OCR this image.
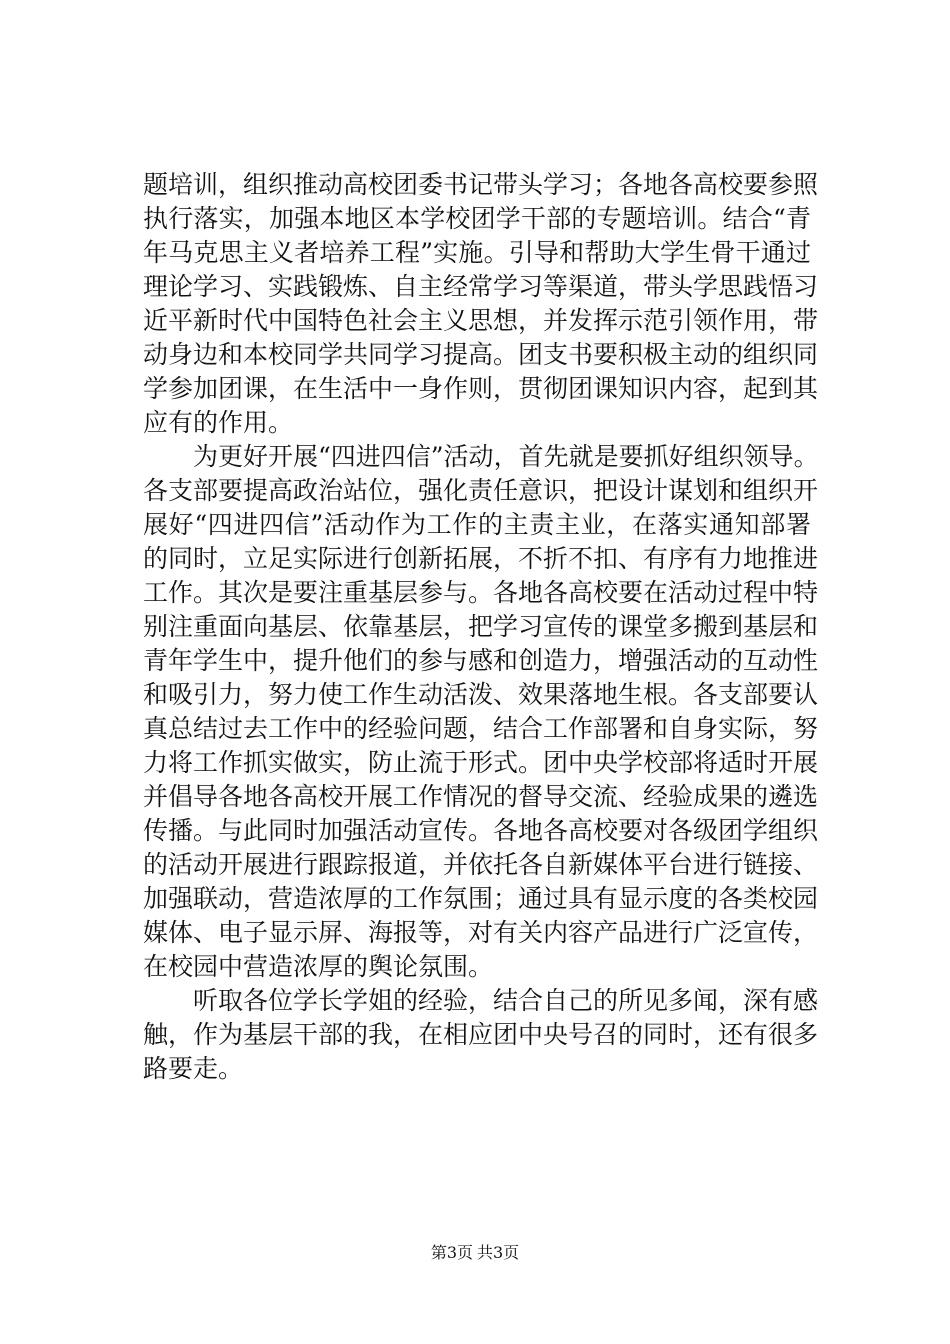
题培训，组织推动高校团委书记带头学习；各地各高校要参照
执行落实，加强本地区本学校团学干部的专题培训。结合“青
年马克思主义者培养工程”实施。引导和帮助大学生骨干通过
理论学习、实践锻炼、自主经常学习等渠道，带头学思践悟习
近平新时代中国特色社会主义思想，并发挥示范引领作用，带
动身边和本校同学共同学习提高。团支书要积极主动的组织同
学参加团课，在生活中一身作则，贯彻团课知识内容，起到其
应有的作用。

为更好开展“四进四信”活动，首先就是要抓好组织领导。
各支部要提高政治站位，强化责任意识，把设计谋划和组织开
展好“四进四信”活动作为工作的主责主业，在落实通知部署
的同时，立足实际进行创新拓展，不折不扣、有序有力地推进
工作。其次是要注重基层参与。各地各高校要在活动过程中特
别注重面向基层、依靠基层，把学习宣传的课堂多搬到基层和
青年学生中，提升他们的参与感和创造力，增强活动的互动性
和吸引力，努力使工作生动活泼、效果落地生根。各支部要认
真总结过去工作中的经验问题，结合工作部署和自身实际，努
力将工作抓实做实，防止流于形式。团中央学校部将适时开展
并倡导各地各高校开展工作情况的督导交流、经验成果的遴选
传播。与此同时加强活动宣传。各地各高校要对各级团学组织
的活动开展进行跟踪报道，并依托各自新媒体平台进行链接、
加强联动，营造浓厚的工作氛围；通过具有显示度的各类校园
媒体、电子显示屏、海报等，对有关内容产品进行广泛宣传，
在校园中营造浓厚的舆论氛围。

听取各位学长学姐的经验，结合自己的所见多闻，深有感
触，作为基层干部的我，在相应团中央号召的同时，还有很多
路要走。

第3页 共3页
